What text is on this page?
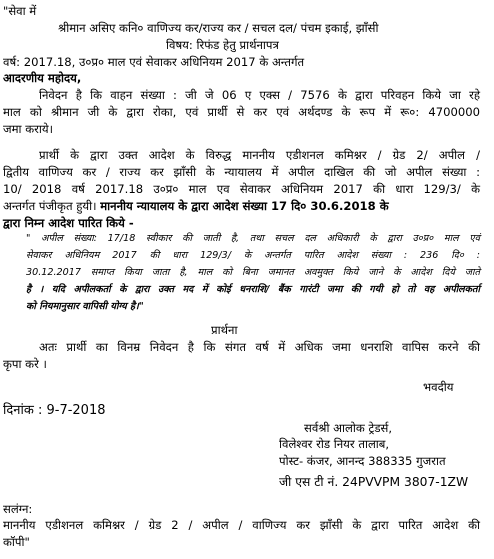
"सेवा में
श्रीमान असिए कनि० वाणिज्य कर/राज्य कर / सचल दल/ पंचम इकाई, झाँसी
विषय: रिफंड हेतु प्रार्थनापत्र
वर्ष: 2017.18, उ०प्र० माल एवं सेवाकर अधिनियम 2017 के अन्तर्गत
आदरणीय महोदय,
निवेदन है कि वाहन संख्या : जी जे 06 ए एक्स / 7576 के द्वारा परिवहन किये जा रहे
माल को श्रीमान जी के द्वारा रोका, एवं प्रार्थी से कर एवं अर्थदण्ड के रूप में रू०: 4700000
जमा कराये।
प्रार्थी के द्वारा उक्त आदेश के विरुद्ध माननीय एडीशनल कमिश्नर / ग्रेड 2/ अपील /
द्वितीय वाणिज्य कर / राज्य कर झाँसी के न्यायालय में अपील दाखिल की जो अपील संख्या :
10/ 2018 वर्ष 2017.18 उ०प्र० माल एव सेवाकर अधिनियम 2017 की धारा 129/3/ के
अन्तर्गत पंजीकृत हुयी। माननीय न्यायालय के द्वारा आदेश संख्या 17 दि० 30.6.2018 के
द्वारा निम्न आदेश पारित किये -
" अपील संख्या: 17/18 स्वीकार की जाती है, तथा सचल दल अधिकारी के द्वारा उ०प्र० माल एवं
सेवाकर अधिनियम 2017 की धारा 129/3/ के अन्तर्गत पारित आदेश संख्या : 236 दि० :
30.12.2017 समाप्त किया जाता है, माल को बिना जमानत अवमुक्त किये जाने के आदेश दिये जाते
है । यदि अपीलकर्ता के द्वारा उक्त मद में कोई धनराशि/ बैंक गारंटी जमा की गयी हो तो वह अपीलकर्ता
को नियमानुसार वापिसी योग्य है।"
प्रार्थना
अतः प्रार्थी का विनम्र निवेदन है कि संगत वर्ष में अधिक जमा धनराशि वापिस करने की
कृपा करे ।
भवदीय
दिनांक : 9-7-2018
सर्वश्री आलोक ट्रेडर्स,
विलेश्वर रोड नियर तालाब,
पोस्ट- कंजर, आनन्द 388335 गुजरात
जी एस टी नं. 24PVVPM 3807-1ZW
सलंग्न:
माननीय एडीशनल कमिश्नर / ग्रेड 2 / अपील / वाणिज्य कर झाँसी के द्वारा पारित आदेश की
कॉपी"
